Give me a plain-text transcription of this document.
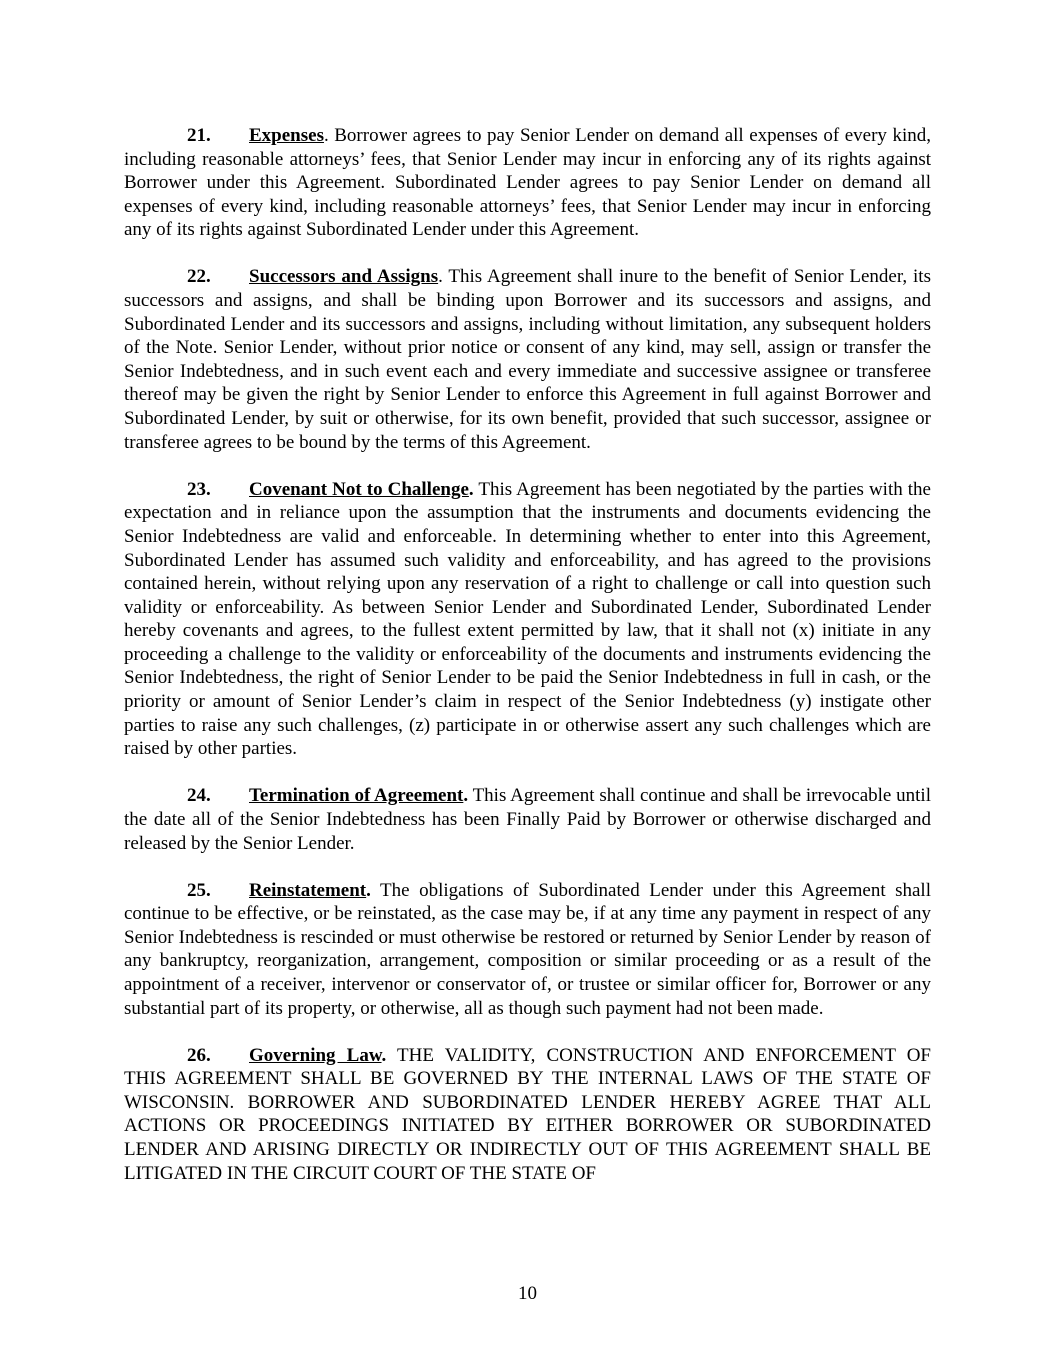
21. Expenses. Borrower agrees to pay Senior Lender on demand all expenses of every kind, including reasonable attorneys’ fees, that Senior Lender may incur in enforcing any of its rights against Borrower under this Agreement. Subordinated Lender agrees to pay Senior Lender on demand all expenses of every kind, including reasonable attorneys’ fees, that Senior Lender may incur in enforcing any of its rights against Subordinated Lender under this Agreement.

22. Successors and Assigns. This Agreement shall inure to the benefit of Senior Lender, its successors and assigns, and shall be binding upon Borrower and its successors and assigns, and Subordinated Lender and its successors and assigns, including without limitation, any subsequent holders of the Note. Senior Lender, without prior notice or consent of any kind, may sell, assign or transfer the Senior Indebtedness, and in such event each and every immediate and successive assignee or transferee thereof may be given the right by Senior Lender to enforce this Agreement in full against Borrower and Subordinated Lender, by suit or otherwise, for its own benefit, provided that such successor, assignee or transferee agrees to be bound by the terms of this Agreement.

23. Covenant Not to Challenge. This Agreement has been negotiated by the parties with the expectation and in reliance upon the assumption that the instruments and documents evidencing the Senior Indebtedness are valid and enforceable. In determining whether to enter into this Agreement, Subordinated Lender has assumed such validity and enforceability, and has agreed to the provisions contained herein, without relying upon any reservation of a right to challenge or call into question such validity or enforceability. As between Senior Lender and Subordinated Lender, Subordinated Lender hereby covenants and agrees, to the fullest extent permitted by law, that it shall not (x) initiate in any proceeding a challenge to the validity or enforceability of the documents and instruments evidencing the Senior Indebtedness, the right of Senior Lender to be paid the Senior Indebtedness in full in cash, or the priority or amount of Senior Lender’s claim in respect of the Senior Indebtedness (y) instigate other parties to raise any such challenges, (z) participate in or otherwise assert any such challenges which are raised by other parties.

24. Termination of Agreement. This Agreement shall continue and shall be irrevocable until the date all of the Senior Indebtedness has been Finally Paid by Borrower or otherwise discharged and released by the Senior Lender.

25. Reinstatement. The obligations of Subordinated Lender under this Agreement shall continue to be effective, or be reinstated, as the case may be, if at any time any payment in respect of any Senior Indebtedness is rescinded or must otherwise be restored or returned by Senior Lender by reason of any bankruptcy, reorganization, arrangement, composition or similar proceeding or as a result of the appointment of a receiver, intervenor or conservator of, or trustee or similar officer for, Borrower or any substantial part of its property, or otherwise, all as though such payment had not been made.

26. Governing Law. THE VALIDITY, CONSTRUCTION AND ENFORCEMENT OF THIS AGREEMENT SHALL BE GOVERNED BY THE INTERNAL LAWS OF THE STATE OF WISCONSIN. BORROWER AND SUBORDINATED LENDER HEREBY AGREE THAT ALL ACTIONS OR PROCEEDINGS INITIATED BY EITHER BORROWER OR SUBORDINATED LENDER AND ARISING DIRECTLY OR INDIRECTLY OUT OF THIS AGREEMENT SHALL BE LITIGATED IN THE CIRCUIT COURT OF THE STATE OF

10
